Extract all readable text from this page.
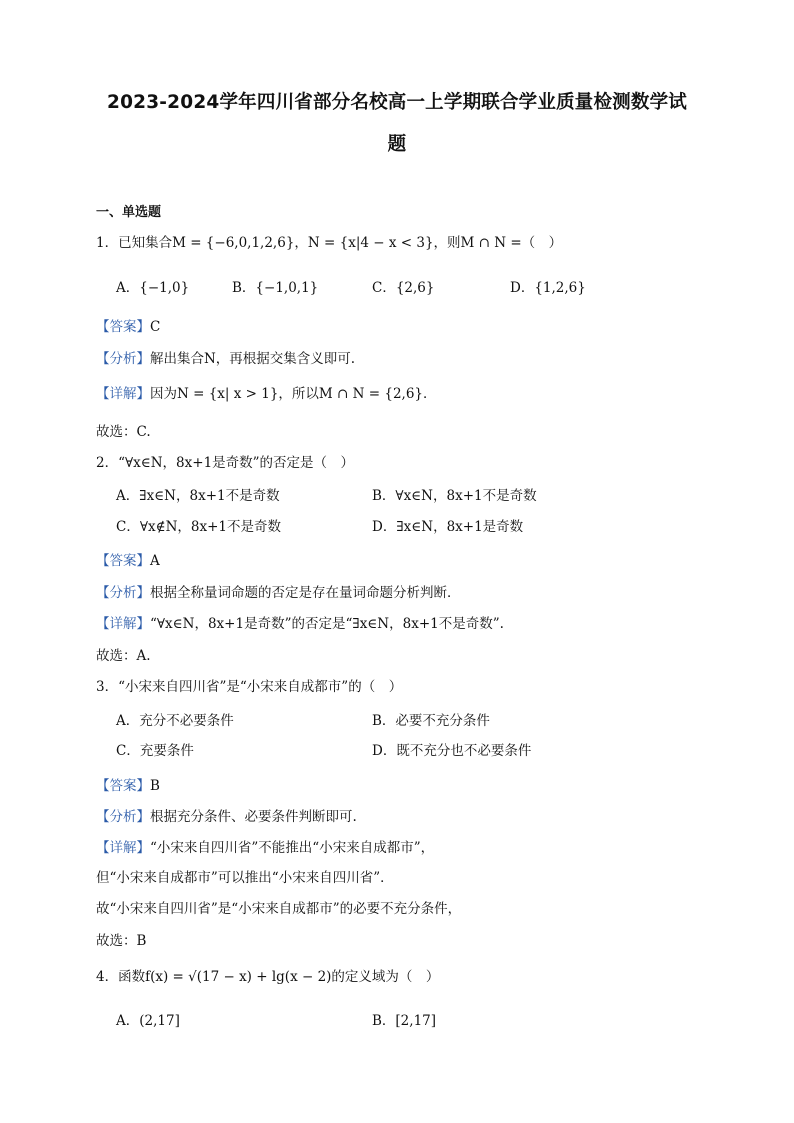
2023-2024学年四川省部分名校高一上学期联合学业质量检测数学试
题
一、单选题
1．已知集合M = {−6,0,1,2,6}，N = {x|4 − x < 3}，则M ∩ N =（　）
A．{−1,0}	B．{−1,0,1}	C．{2,6}	D．{1,2,6}
【答案】C
【分析】解出集合N，再根据交集含义即可.
【详解】因为N = {x| x > 1}，所以M ∩ N = {2,6}．
故选：C.
2．“∀x∈N，8x+1是奇数”的否定是（　）
A．∃x∈N，8x+1不是奇数	B．∀x∈N，8x+1不是奇数
C．∀x∉N，8x+1不是奇数	D．∃x∈N，8x+1是奇数
【答案】A
【分析】根据全称量词命题的否定是存在量词命题分析判断．
【详解】“∀x∈N，8x+1是奇数”的否定是“∃x∈N，8x+1不是奇数”.
故选：A.
3．“小宋来自四川省”是“小宋来自成都市”的（　）
A．充分不必要条件	B．必要不充分条件
C．充要条件	D．既不充分也不必要条件
【答案】B
【分析】根据充分条件、必要条件判断即可.
【详解】“小宋来自四川省”不能推出“小宋来自成都市”，
但“小宋来自成都市”可以推出“小宋来自四川省”．
故“小宋来自四川省”是“小宋来自成都市”的必要不充分条件，
故选：B
4．函数f(x) = √(17 − x) + lg(x − 2)的定义域为（　）
A．(2,17]	B．[2,17]
